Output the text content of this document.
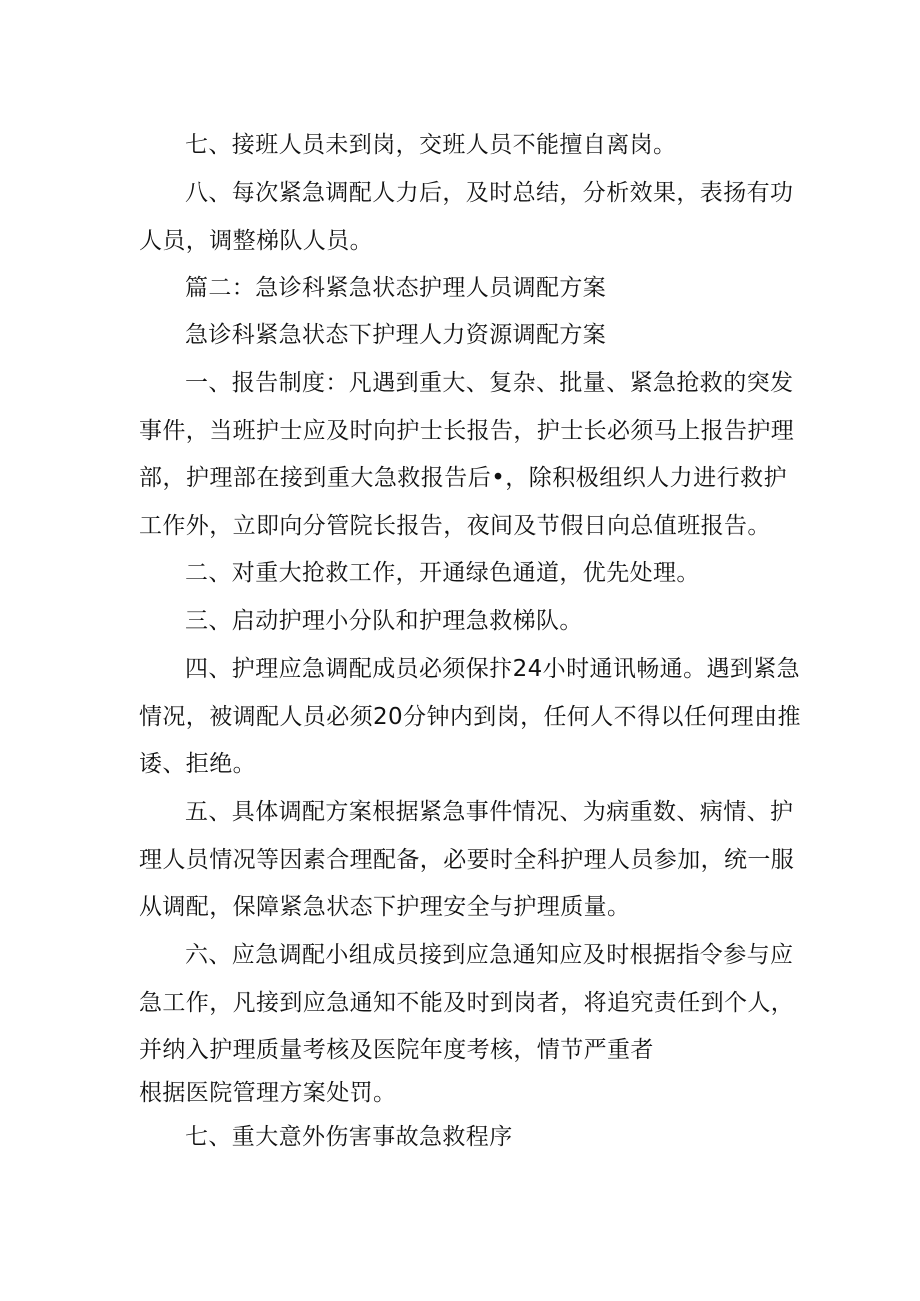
七、接班人员未到岗，交班人员不能擅自离岗。

八、每次紧急调配人力后，及时总结，分析效果，表扬有功
人员，调整梯队人员。

篇二：急诊科紧急状态护理人员调配方案

急诊科紧急状态下护理人力资源调配方案

一、报告制度：凡遇到重大、复杂、批量、紧急抢救的突发
事件，当班护士应及时向护士长报告，护士长必须马上报告护理
部，护理部在接到重大急救报告后•，除积极组织人力进行救护
工作外，立即向分管院长报告，夜间及节假日向总值班报告。

二、对重大抢救工作，开通绿色通道，优先处理。

三、启动护理小分队和护理急救梯队。

四、护理应急调配成员必须保抃24小时通讯畅通。遇到紧急
情况，被调配人员必须20分钟内到岗，任何人不得以任何理由推
诿、拒绝。

五、具体调配方案根据紧急事件情况、为病重数、病情、护
理人员情况等因素合理配备，必要时全科护理人员参加，统一服
从调配，保障紧急状态下护理安全与护理质量。

六、应急调配小组成员接到应急通知应及时根据指令参与应
急工作，凡接到应急通知不能及时到岗者，将追究责任到个人，
并纳入护理质量考核及医院年度考核，情节严重者
根据医院管理方案处罚。

七、重大意外伤害事故急救程序
